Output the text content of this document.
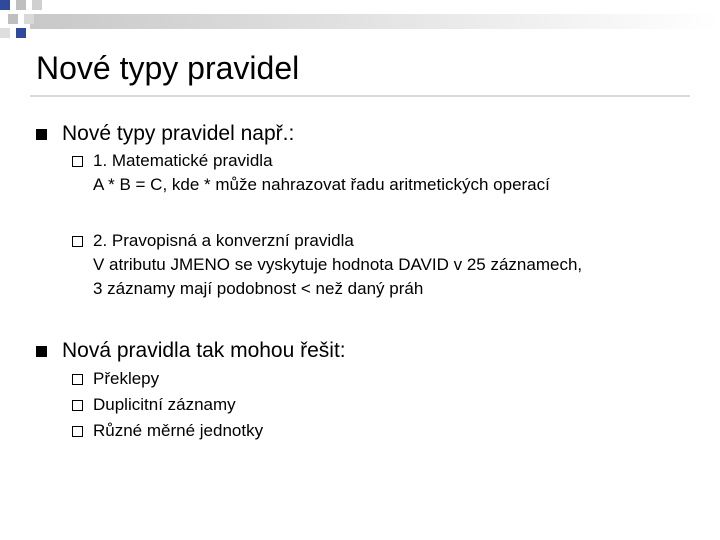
Nové typy pravidel
Nové typy pravidel např.:
1. Matematické pravidla
A * B = C, kde * může nahrazovat řadu aritmetických operací
2. Pravopisná a konverzní pravidla
V atributu JMENO se vyskytuje hodnota DAVID v 25 záznamech,
3 záznamy mají podobnost < než daný práh
Nová pravidla tak mohou řešit:
Překlepy
Duplicitní záznamy
Různé měrné jednotky
